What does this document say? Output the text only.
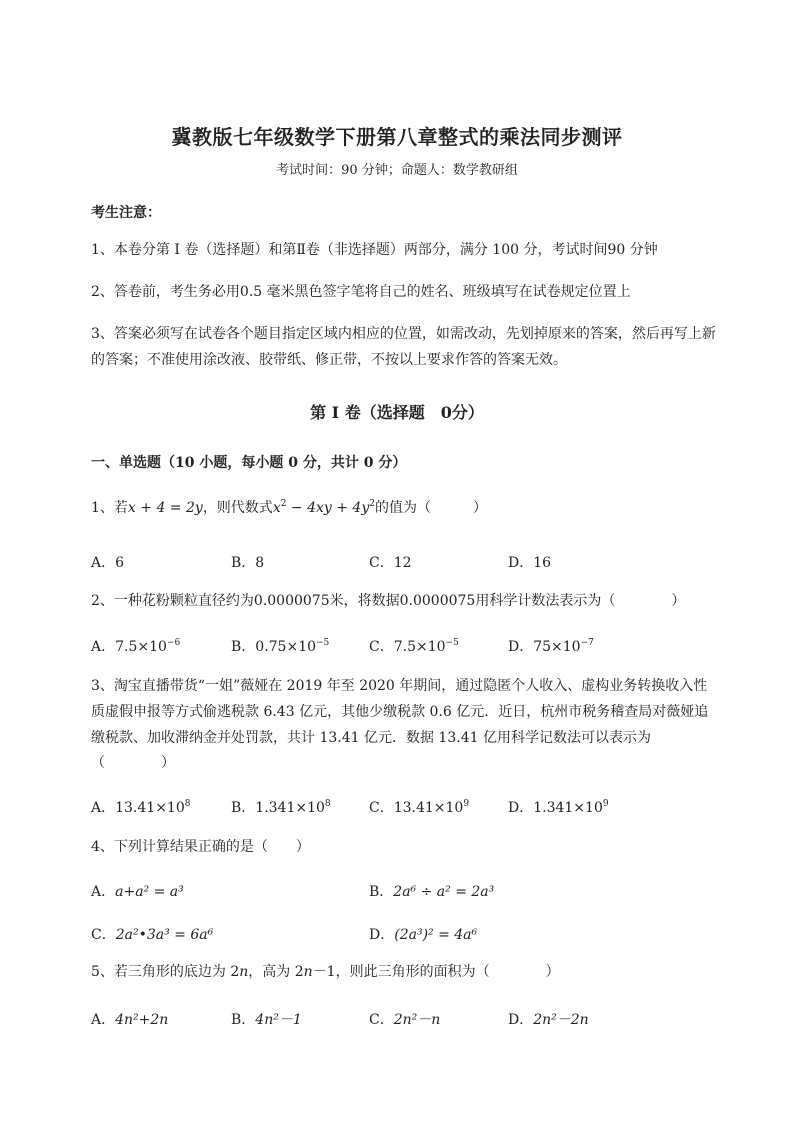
冀教版七年级数学下册第八章整式的乘法同步测评
考试时间：90 分钟；命题人：数学教研组
考生注意：
1、本卷分第 I 卷（选择题）和第Ⅱ卷（非选择题）两部分，满分 100 分，考试时间90 分钟
2、答卷前，考生务必用0.5 毫米黑色签字笔将自己的姓名、班级填写在试卷规定位置上
3、答案必须写在试卷各个题目指定区域内相应的位置，如需改动，先划掉原来的答案，然后再写上新
的答案；不准使用涂改液、胶带纸、修正带，不按以上要求作答的答案无效。
第 I 卷（选择题　0分）
一、单选题（10 小题，每小题 0 分，共计 0 分）
1、若x + 4 = 2y，则代数式$x^2 - 4xy + 4y^2$的值为（　　　）
A．6	B．8	C．12	D．16
2、一种花粉颗粒直径约为0.0000075米，将数据0.0000075用科学计数法表示为（　　　　）
A．$7.5\times 10^{-6}$	B．$0.75\times 10^{-5}$	C．$7.5\times 10^{-5}$	D．$75\times 10^{-7}$
3、淘宝直播带货“一姐”薇娅在 2019 年至 2020 年期间，通过隐匿个人收入、虚构业务转换收入性
质虚假申报等方式偷逃税款 6.43 亿元，其他少缴税款 0.6 亿元．近日，杭州市税务稽查局对薇娅追
缴税款、加收滞纳金并处罚款，共计 13.41 亿元．数据 13.41 亿用科学记数法可以表示为
（　　　　）
A．$13.41\times 10^8$	B．$1.341\times 10^8$	C．$13.41\times 10^9$	D．$1.341\times 10^9$
4、下列计算结果正确的是（　　）
A．a+a² = a³	B．2a⁶ ÷ a² = 2a³
C．2a²•3a³ = 6a⁶	D．(2a³)² = 4a⁶
5、若三角形的底边为 2n，高为 2n－1，则此三角形的面积为（　　　　）
A．4n²+2n	B．4n²－1	C．2n²－n	D．2n²－2n
